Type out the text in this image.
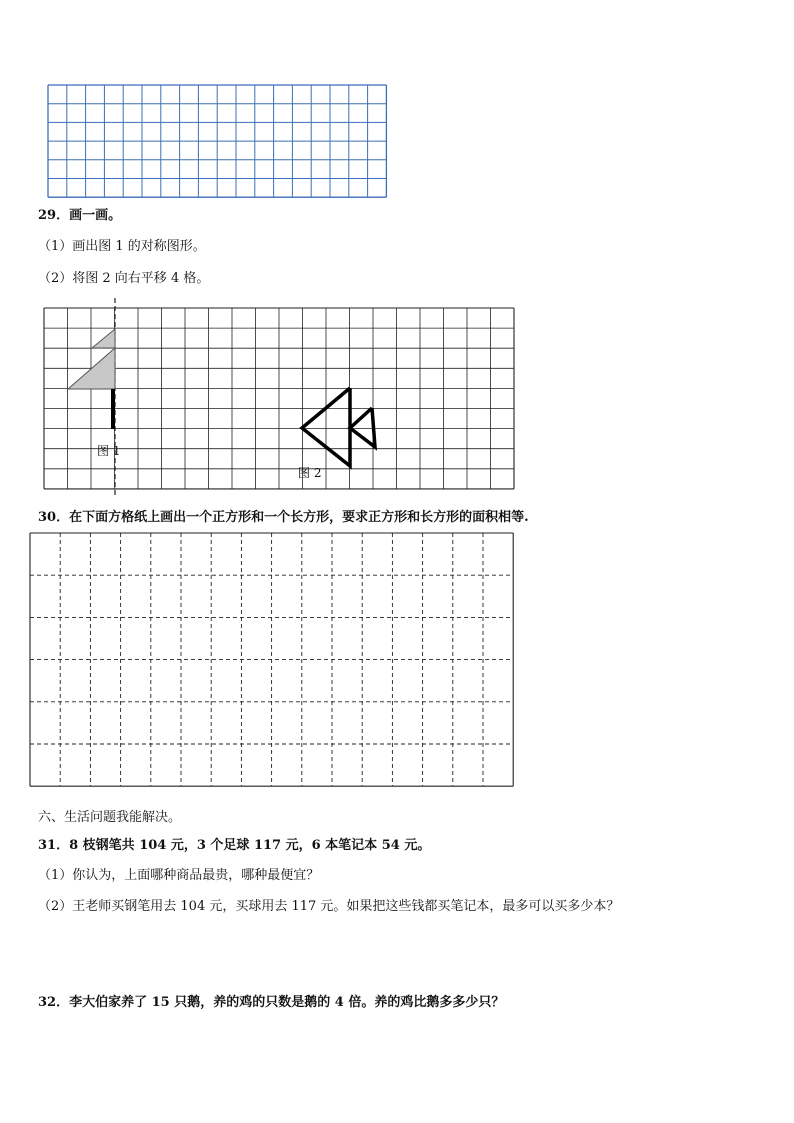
29．画一画。
（1）画出图 1 的对称图形。
（2）将图 2 向右平移 4 格。
图 1
图 2
30．在下面方格纸上画出一个正方形和一个长方形，要求正方形和长方形的面积相等.
六、生活问题我能解决。
31．8 枝钢笔共 104 元，3 个足球 117 元，6 本笔记本 54 元。
（1）你认为，上面哪种商品最贵，哪种最便宜？
（2）王老师买钢笔用去 104 元，买球用去 117 元。如果把这些钱都买笔记本，最多可以买多少本？
32．李大伯家养了 15 只鹅，养的鸡的只数是鹅的 4 倍。养的鸡比鹅多多少只？
